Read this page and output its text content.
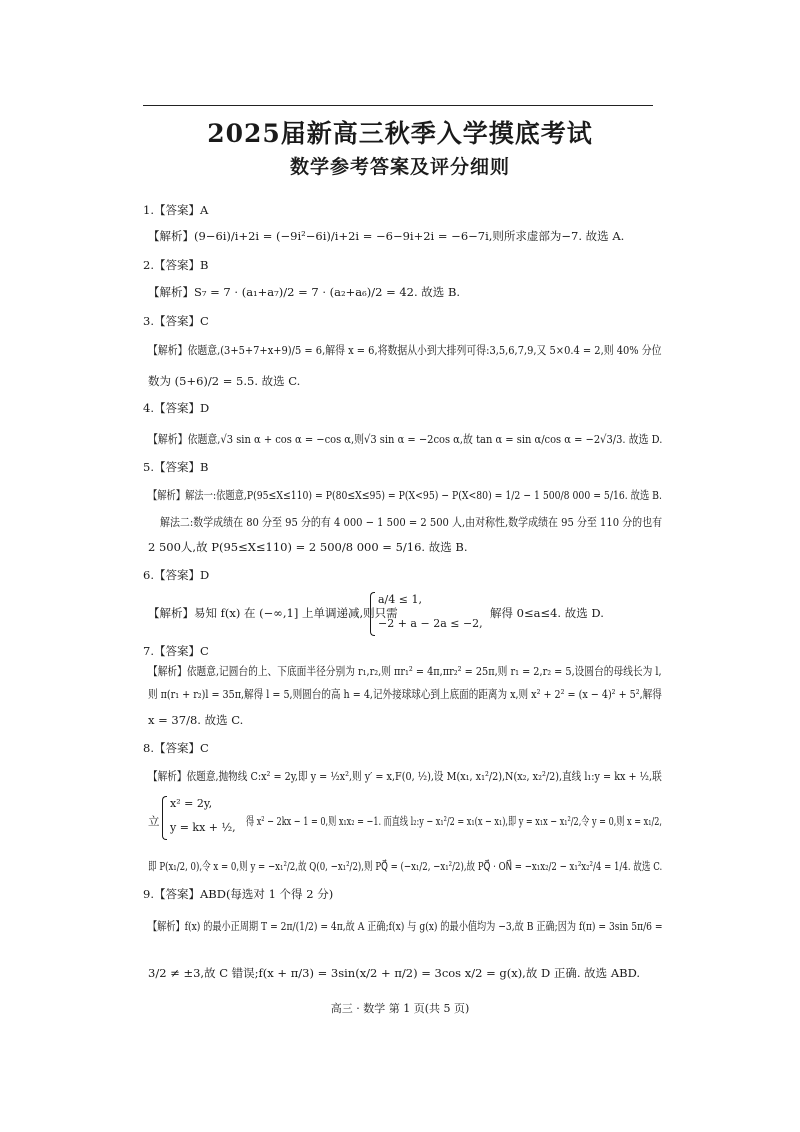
2025届新高三秋季入学摸底考试
数学参考答案及评分细则
1.【答案】A
【解析】(9−6i)/i+2i = (−9i²−6i)/i+2i = −6−9i+2i = −6−7i,则所求虚部为−7. 故选 A.
2.【答案】B
【解析】S₇ = 7 · (a₁+a₇)/2 = 7 · (a₂+a₆)/2 = 42. 故选 B.
3.【答案】C
【解析】依题意,(3+5+7+x+9)/5 = 6,解得 x = 6,将数据从小到大排列可得:3,5,6,7,9,又 5×0.4 = 2,则 40% 分位
数为 (5+6)/2 = 5.5. 故选 C.
4.【答案】D
【解析】依题意,√3 sin α + cos α = −cos α,则√3 sin α = −2cos α,故 tan α = sin α/cos α = −2√3/3. 故选 D.
5.【答案】B
【解析】解法一:依题意,P(95≤X≤110) = P(80≤X≤95) = P(X<95) − P(X<80) = 1/2 − 1 500/8 000 = 5/16. 故选 B.
解法二:数学成绩在 80 分至 95 分的有 4 000 − 1 500 = 2 500 人,由对称性,数学成绩在 95 分至 110 分的也有
2 500人,故 P(95≤X≤110) = 2 500/8 000 = 5/16. 故选 B.
6.【答案】D
【解析】易知 f(x) 在 (−∞,1] 上单调递减,则只需
a/4 ≤ 1,
−2 + a − 2a ≤ −2,
解得 0≤a≤4. 故选 D.
7.【答案】C
【解析】依题意,记圆台的上、下底面半径分别为 r₁,r₂,则 πr₁² = 4π,πr₂² = 25π,则 r₁ = 2,r₂ = 5,设圆台的母线长为 l,
则 π(r₁ + r₂)l = 35π,解得 l = 5,则圆台的高 h = 4,记外接球球心到上底面的距离为 x,则 x² + 2² = (x − 4)² + 5²,解得
x = 37/8. 故选 C.
8.【答案】C
【解析】依题意,抛物线 C:x² = 2y,即 y = ½x²,则 y′ = x,F(0, ½),设 M(x₁, x₁²/2),N(x₂, x₂²/2),直线 l₁:y = kx + ½,联
立
x² = 2y,
y = kx + ½, 得 x² − 2kx − 1 = 0,则 x₁x₂ = −1. 而直线 l₂:y − x₁²/2 = x₁(x − x₁),即 y = x₁x − x₁²/2,令 y = 0,则 x = x₁/2,
即 P(x₁/2, 0),令 x = 0,则 y = −x₁²/2,故 Q(0, −x₁²/2),则 PQ⃗ = (−x₁/2, −x₁²/2),故 PQ⃗ · ON⃗ = −x₁x₂/2 − x₁²x₂²/4 = 1/4. 故选 C.
9.【答案】ABD(每选对 1 个得 2 分)
【解析】f(x) 的最小正周期 T = 2π/(1/2) = 4π,故 A 正确;f(x) 与 g(x) 的最小值均为 −3,故 B 正确;因为 f(π) = 3sin 5π/6 =
3/2 ≠ ±3,故 C 错误;f(x + π/3) = 3sin(x/2 + π/2) = 3cos x/2 = g(x),故 D 正确. 故选 ABD.
高三 · 数学 第 1 页(共 5 页)
